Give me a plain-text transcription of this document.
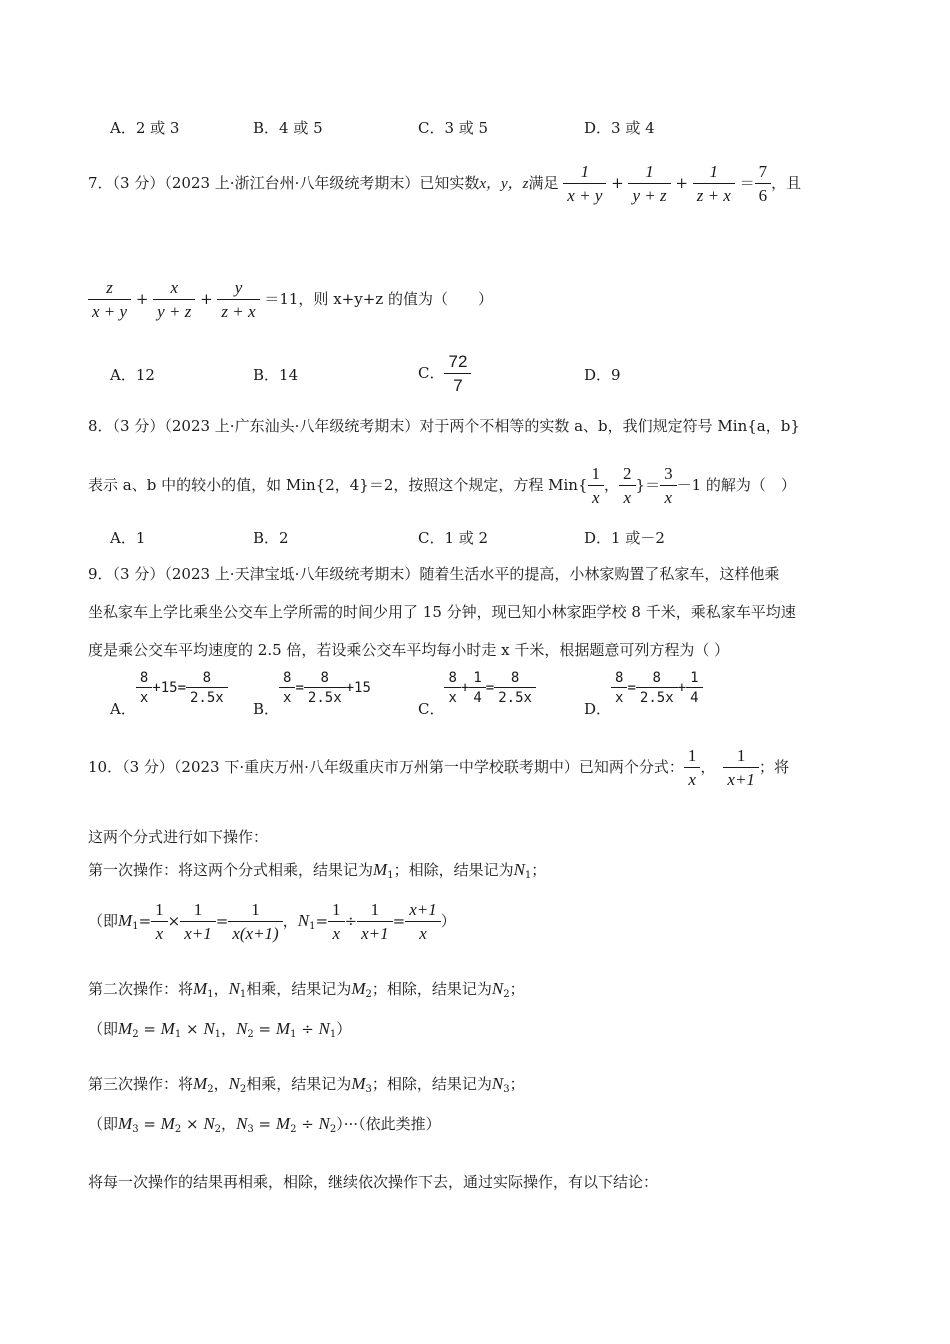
A．2 或 3	B．4 或 5	C．3 或 5	D．3 或 4
7．（3 分）（2023 上·浙江台州·八年级统考期末）已知实数x，y，z满足 $\frac{1}{x + y} + \frac{1}{y + z} + \frac{1}{z + x} = \frac{7}{6}$ ，且
$\frac{z}{x + y} + \frac{x}{y + z} + \frac{y}{z + x} =11$，则 x+y+z 的值为（　　）
A．12	B．14	C． $\frac{72}{7}$	D．9
8．（3 分）（2023 上·广东汕头·八年级统考期末）对于两个不相等的实数 a、b，我们规定符号 Min{a，b}
表示 a、b 中的较小的值，如 Min{2，4}＝2，按照这个规定，方程 $Min\{ \frac{1}{x}$ ， $\frac{2}{x}$ }＝ $\frac{3}{x} -1$ 的解为（　）
A．1	B．2	C．1 或 2	D．1 或－2
9．（3 分）（2023 上·天津宝坻·八年级统考期末）随着生活水平的提高，小林家购置了私家车，这样他乘
坐私家车上学比乘坐公交车上学所需的时间少用了 15 分钟，现已知小林家距学校 8 千米，乘私家车平均速
度是乘公交车平均速度的 2.5 倍，若设乘公交车平均每小时走 x 千米，根据题意可列方程为（ ）
A．
$\frac{8}{x} +15= \frac{8}{2.5x}$
B．
$\frac{8}{x} = \frac{8}{2.5x} +15$
C．
$\frac{8}{x} + \frac{1}{4} = \frac{8}{2.5x}$
D．
$\frac{8}{x} = \frac{8}{2.5x} + \frac{1}{4}$
10．（3 分）（2023 下·重庆万州·八年级重庆市万州第一中学校联考期中）已知两个分式： $\frac{1}{x}$ ， $\frac{1}{x+1}$ ；将
这两个分式进行如下操作：
第一次操作：将这两个分式相乘，结果记为$M_1$；相除，结果记为$N_1$；
（即$M_1= \frac{1}{x} \times \frac{1}{x+1} = \frac{1}{x(x+1)}$ ，$N_1= \frac{1}{x} \div \frac{1}{x+1} = \frac{x+1}{x}$ ）
第二次操作：将$M_1$，$N_1$相乘，结果记为$M_2$；相除，结果记为$N_2$；
（即$M_2 = M_1 \times N_1$，$N_2 = M_1 \div N_1$）
第三次操作：将$M_2$，$N_2$相乘，结果记为$M_3$；相除，结果记为$N_3$；
（即$M_3 = M_2 \times N_2$，$N_3 = M_2 \div N_2)\cdot\cdot\cdot$（依此类推）
将每一次操作的结果再相乘，相除，继续依次操作下去，通过实际操作，有以下结论：
